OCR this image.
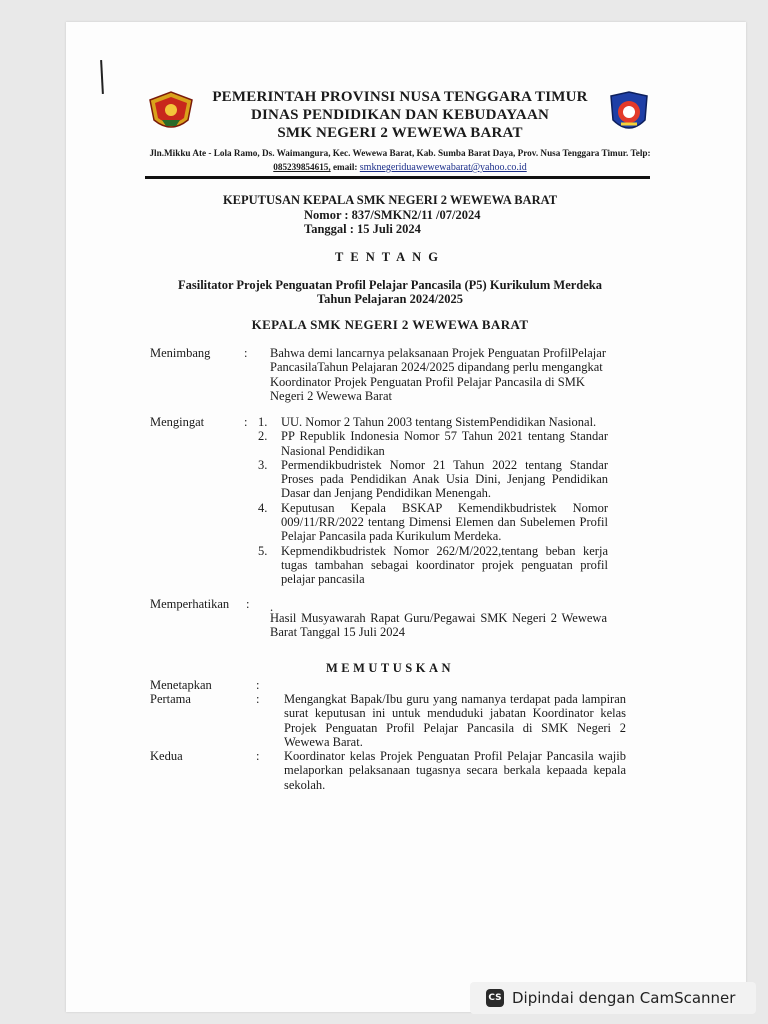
PEMERINTAH PROVINSI NUSA TENGGARA TIMUR
DINAS PENDIDIKAN DAN KEBUDAYAAN
SMK NEGERI 2 WEWEWA BARAT
Jln.Mikku Ate - Lola Ramo, Ds. Waimangura, Kec. Wewewa Barat, Kab. Sumba Barat Daya, Prov. Nusa Tenggara Timur. Telp: 085239854615, email: smknegeriduawewewabarat@yahoo.co.id
KEPUTUSAN KEPALA SMK NEGERI 2 WEWEWA BARAT
Nomor : 837/SMKN2/11 /07/2024
Tanggal : 15 Juli 2024
TENTANG
Fasilitator Projek Penguatan Profil Pelajar Pancasila (P5) Kurikulum Merdeka
Tahun Pelajaran 2024/2025
KEPALA SMK NEGERI 2 WEWEWA BARAT
Menimbang	: Bahwa demi lancarnya pelaksanaan Projek Penguatan ProfilPelajar PancasilaTahun Pelajaran 2024/2025 dipandang perlu mengangkat Koordinator Projek Penguatan Profil Pelajar Pancasila di SMK Negeri 2 Wewewa Barat
Mengingat	: 1. UU. Nomor 2 Tahun 2003 tentang SistemPendidikan Nasional.
2. PP Republik Indonesia Nomor 57 Tahun 2021 tentang Standar Nasional Pendidikan
3. Permendikbudristek Nomor 21 Tahun 2022 tentang Standar Proses pada Pendidikan Anak Usia Dini, Jenjang Pendidikan Dasar dan Jenjang Pendidikan Menengah.
4. Keputusan Kepala BSKAP Kemendikbudristek Nomor 009/11/RR/2022 tentang Dimensi Elemen dan Subelemen Profil Pelajar Pancasila pada Kurikulum Merdeka.
5. Kepmendikbudristek Nomor 262/M/2022,tentang beban kerja tugas tambahan sebagai koordinator projek penguatan profil pelajar pancasila
Memperhatikan : .
Hasil Musyawarah Rapat Guru/Pegawai SMK Negeri 2 Wewewa Barat Tanggal 15 Juli 2024
MEMUTUSKAN
Menetapkan	:
Pertama	: Mengangkat Bapak/Ibu guru yang namanya terdapat pada lampiran surat keputusan ini untuk menduduki jabatan Koordinator kelas Projek Penguatan Profil Pelajar Pancasila di SMK Negeri 2 Wewewa Barat.
Kedua	: Koordinator kelas Projek Penguatan Profil Pelajar Pancasila wajib melaporkan pelaksanaan tugasnya secara berkala kepaada kepala sekolah.
CS Dipindai dengan CamScanner
